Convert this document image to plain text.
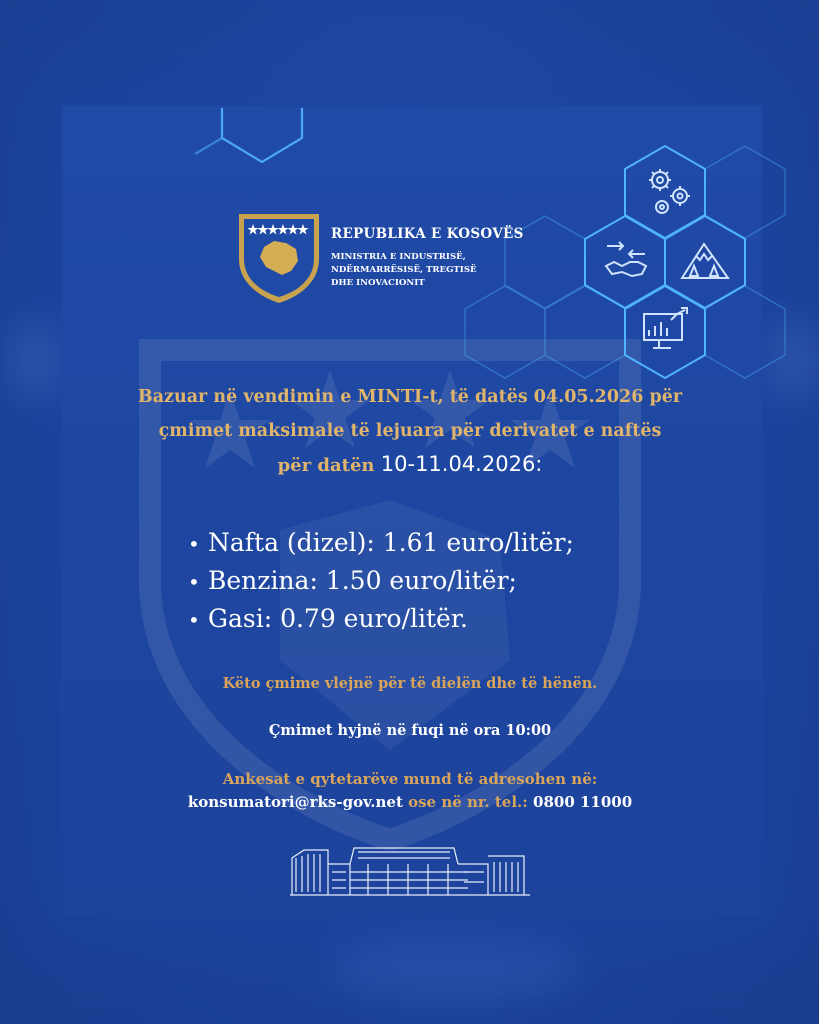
REPUBLIKA E KOSOVËS
MINISTRIA E INDUSTRISË,
NDËRMARRËSISË, TREGTISË
DHE INOVACIONIT
Bazuar në vendimin e MINTI-t, të datës 04.05.2026 për
çmimet maksimale të lejuara për derivatet e naftës
për datën 10-11.04.2026:
• Nafta (dizel): 1.61 euro/litër;
• Benzina: 1.50 euro/litër;
• Gasi: 0.79 euro/litër.
Këto çmime vlejnë për të dielën dhe të hënën.
Çmimet hyjnë në fuqi në ora 10:00
Ankesat e qytetarëve mund të adresohen në:
konsumatori@rks-gov.net ose në nr. tel.: 0800 11000
